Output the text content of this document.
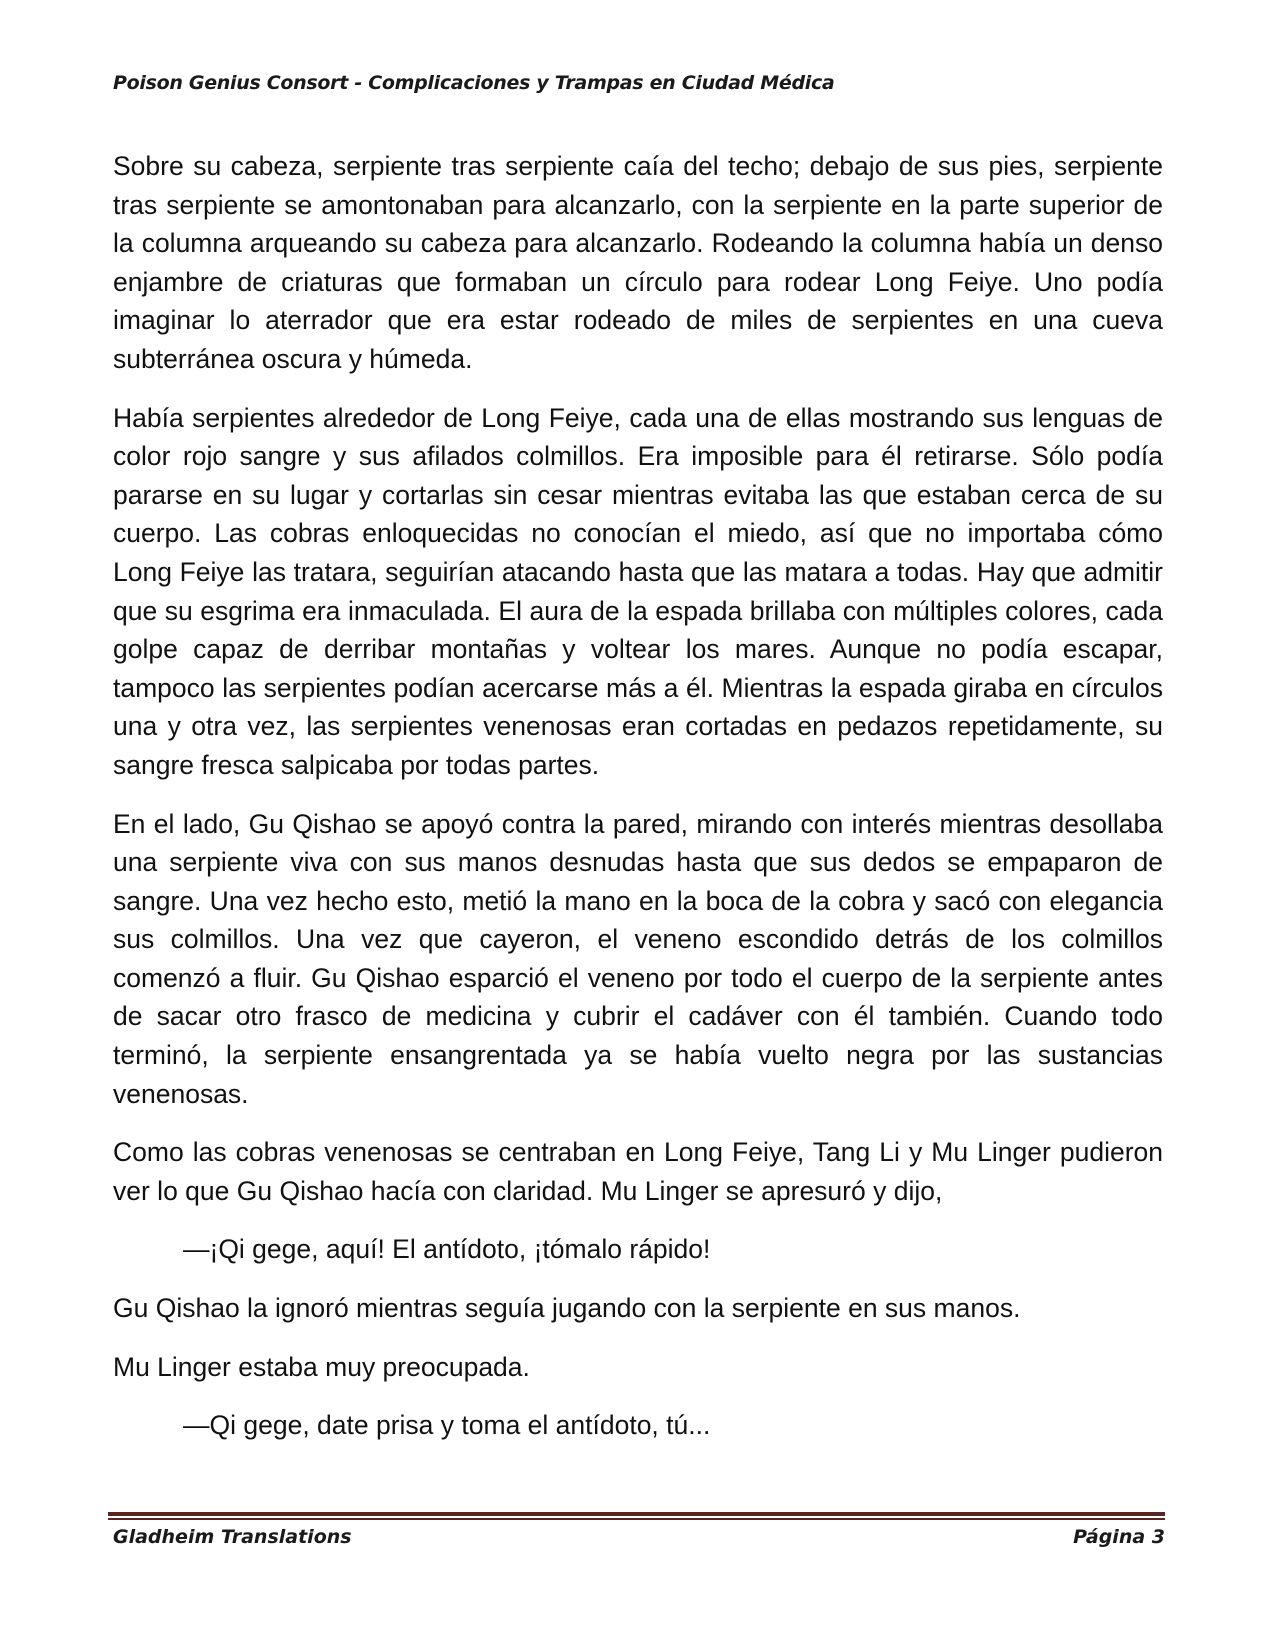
Poison Genius Consort - Complicaciones y Trampas en Ciudad Médica

Sobre su cabeza, serpiente tras serpiente caía del techo; debajo de sus pies, serpiente tras serpiente se amontonaban para alcanzarlo, con la serpiente en la parte superior de la columna arqueando su cabeza para alcanzarlo. Rodeando la columna había un denso enjambre de criaturas que formaban un círculo para rodear Long Feiye. Uno podía imaginar lo aterrador que era estar rodeado de miles de serpientes en una cueva subterránea oscura y húmeda.

Había serpientes alrededor de Long Feiye, cada una de ellas mostrando sus lenguas de color rojo sangre y sus afilados colmillos. Era imposible para él retirarse. Sólo podía pararse en su lugar y cortarlas sin cesar mientras evitaba las que estaban cerca de su cuerpo. Las cobras enloquecidas no conocían el miedo, así que no importaba cómo Long Feiye las tratara, seguirían atacando hasta que las matara a todas. Hay que admitir que su esgrima era inmaculada. El aura de la espada brillaba con múltiples colores, cada golpe capaz de derribar montañas y voltear los mares. Aunque no podía escapar, tampoco las serpientes podían acercarse más a él. Mientras la espada giraba en círculos una y otra vez, las serpientes venenosas eran cortadas en pedazos repetidamente, su sangre fresca salpicaba por todas partes.

En el lado, Gu Qishao se apoyó contra la pared, mirando con interés mientras desollaba una serpiente viva con sus manos desnudas hasta que sus dedos se empaparon de sangre. Una vez hecho esto, metió la mano en la boca de la cobra y sacó con elegancia sus colmillos. Una vez que cayeron, el veneno escondido detrás de los colmillos comenzó a fluir. Gu Qishao esparció el veneno por todo el cuerpo de la serpiente antes de sacar otro frasco de medicina y cubrir el cadáver con él también. Cuando todo terminó, la serpiente ensangrentada ya se había vuelto negra por las sustancias venenosas.

Como las cobras venenosas se centraban en Long Feiye, Tang Li y Mu Linger pudieron ver lo que Gu Qishao hacía con claridad. Mu Linger se apresuró y dijo,

—¡Qi gege, aquí! El antídoto, ¡tómalo rápido!

Gu Qishao la ignoró mientras seguía jugando con la serpiente en sus manos.

Mu Linger estaba muy preocupada.

—Qi gege, date prisa y toma el antídoto, tú...

Gladheim Translations	Página 3
